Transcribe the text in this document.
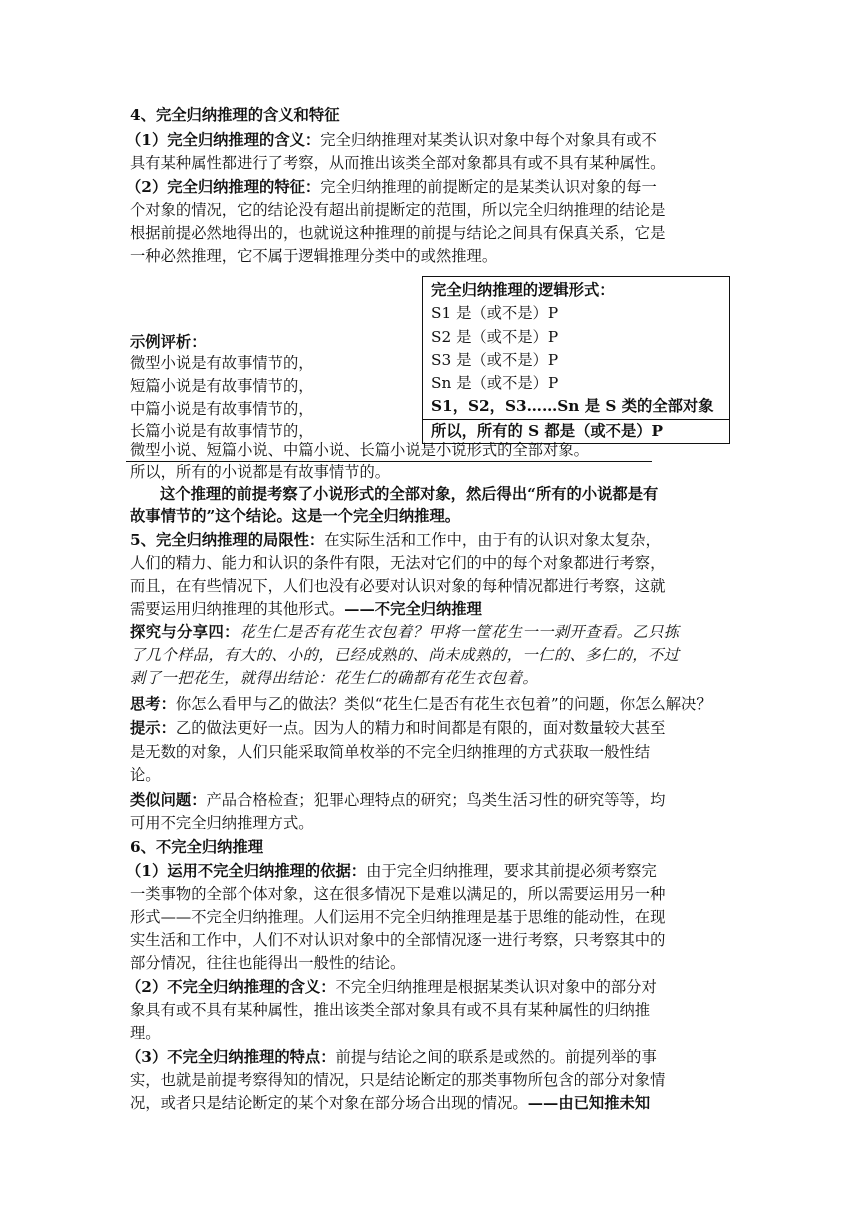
4、完全归纳推理的含义和特征
（1）完全归纳推理的含义：完全归纳推理对某类认识对象中每个对象具有或不
具有某种属性都进行了考察，从而推出该类全部对象都具有或不具有某种属性。
（2）完全归纳推理的特征：完全归纳推理的前提断定的是某类认识对象的每一
个对象的情况，它的结论没有超出前提断定的范围，所以完全归纳推理的结论是
根据前提必然地得出的，也就说这种推理的前提与结论之间具有保真关系，它是
一种必然推理，它不属于逻辑推理分类中的或然推理。
完全归纳推理的逻辑形式：
S1 是（或不是）P
S2 是（或不是）P
S3 是（或不是）P
Sn 是（或不是）P
S1，S2，S3……Sn 是 S 类的全部对象
所以，所有的 S 都是（或不是）P
示例评析：
微型小说是有故事情节的，
短篇小说是有故事情节的，
中篇小说是有故事情节的，
长篇小说是有故事情节的，
微型小说、短篇小说、中篇小说、长篇小说是小说形式的全部对象。
所以，所有的小说都是有故事情节的。
这个推理的前提考察了小说形式的全部对象，然后得出“所有的小说都是有
故事情节的”这个结论。这是一个完全归纳推理。
5、完全归纳推理的局限性：在实际生活和工作中，由于有的认识对象太复杂，
人们的精力、能力和认识的条件有限，无法对它们的中的每个对象都进行考察，
而且，在有些情况下，人们也没有必要对认识对象的每种情况都进行考察，这就
需要运用归纳推理的其他形式。——不完全归纳推理
探究与分享四：花生仁是否有花生衣包着？甲将一筐花生一一剥开查看。乙只拣
了几个样品，有大的、小的，已经成熟的、尚未成熟的，一仁的、多仁的，不过
剥了一把花生，就得出结论：花生仁的确都有花生衣包着。
思考：你怎么看甲与乙的做法？类似“花生仁是否有花生衣包着”的问题，你怎么解决？
提示：乙的做法更好一点。因为人的精力和时间都是有限的，面对数量较大甚至
是无数的对象，人们只能采取简单枚举的不完全归纳推理的方式获取一般性结
论。
类似问题：产品合格检查；犯罪心理特点的研究；鸟类生活习性的研究等等，均
可用不完全归纳推理方式。
6、不完全归纳推理
（1）运用不完全归纳推理的依据：由于完全归纳推理，要求其前提必须考察完
一类事物的全部个体对象，这在很多情况下是难以满足的，所以需要运用另一种
形式——不完全归纳推理。人们运用不完全归纳推理是基于思维的能动性，在现
实生活和工作中，人们不对认识对象中的全部情况逐一进行考察，只考察其中的
部分情况，往往也能得出一般性的结论。
（2）不完全归纳推理的含义：不完全归纳推理是根据某类认识对象中的部分对
象具有或不具有某种属性，推出该类全部对象具有或不具有某种属性的归纳推
理。
（3）不完全归纳推理的特点：前提与结论之间的联系是或然的。前提列举的事
实，也就是前提考察得知的情况，只是结论断定的那类事物所包含的部分对象情
况，或者只是结论断定的某个对象在部分场合出现的情况。——由已知推未知
